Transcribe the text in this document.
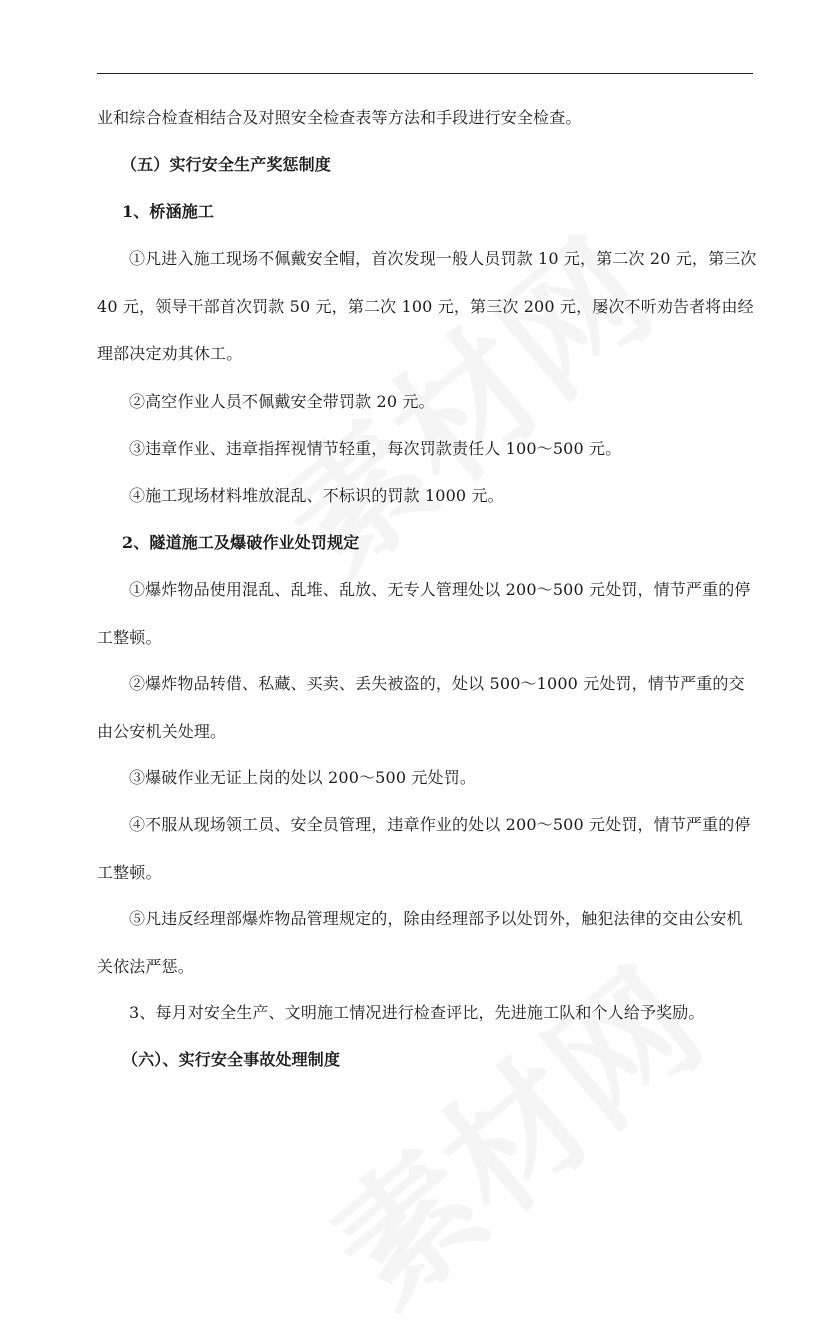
业和综合检查相结合及对照安全检查表等方法和手段进行安全检查。

（五）实行安全生产奖惩制度

1、桥涵施工

①凡进入施工现场不佩戴安全帽，首次发现一般人员罚款 10 元，第二次 20 元，第三次 40 元，领导干部首次罚款 50 元，第二次 100 元，第三次 200 元，屡次不听劝告者将由经理部决定劝其休工。

②高空作业人员不佩戴安全带罚款 20 元。

③违章作业、违章指挥视情节轻重，每次罚款责任人 100～500 元。

④施工现场材料堆放混乱、不标识的罚款 1000 元。

2、隧道施工及爆破作业处罚规定

①爆炸物品使用混乱、乱堆、乱放、无专人管理处以 200～500 元处罚，情节严重的停工整顿。

②爆炸物品转借、私藏、买卖、丢失被盗的，处以 500～1000 元处罚，情节严重的交由公安机关处理。

③爆破作业无证上岗的处以 200～500 元处罚。

④不服从现场领工员、安全员管理，违章作业的处以 200～500 元处罚，情节严重的停工整顿。

⑤凡违反经理部爆炸物品管理规定的，除由经理部予以处罚外，触犯法律的交由公安机关依法严惩。

3、每月对安全生产、文明施工情况进行检查评比，先进施工队和个人给予奖励。

（六）、实行安全事故处理制度
